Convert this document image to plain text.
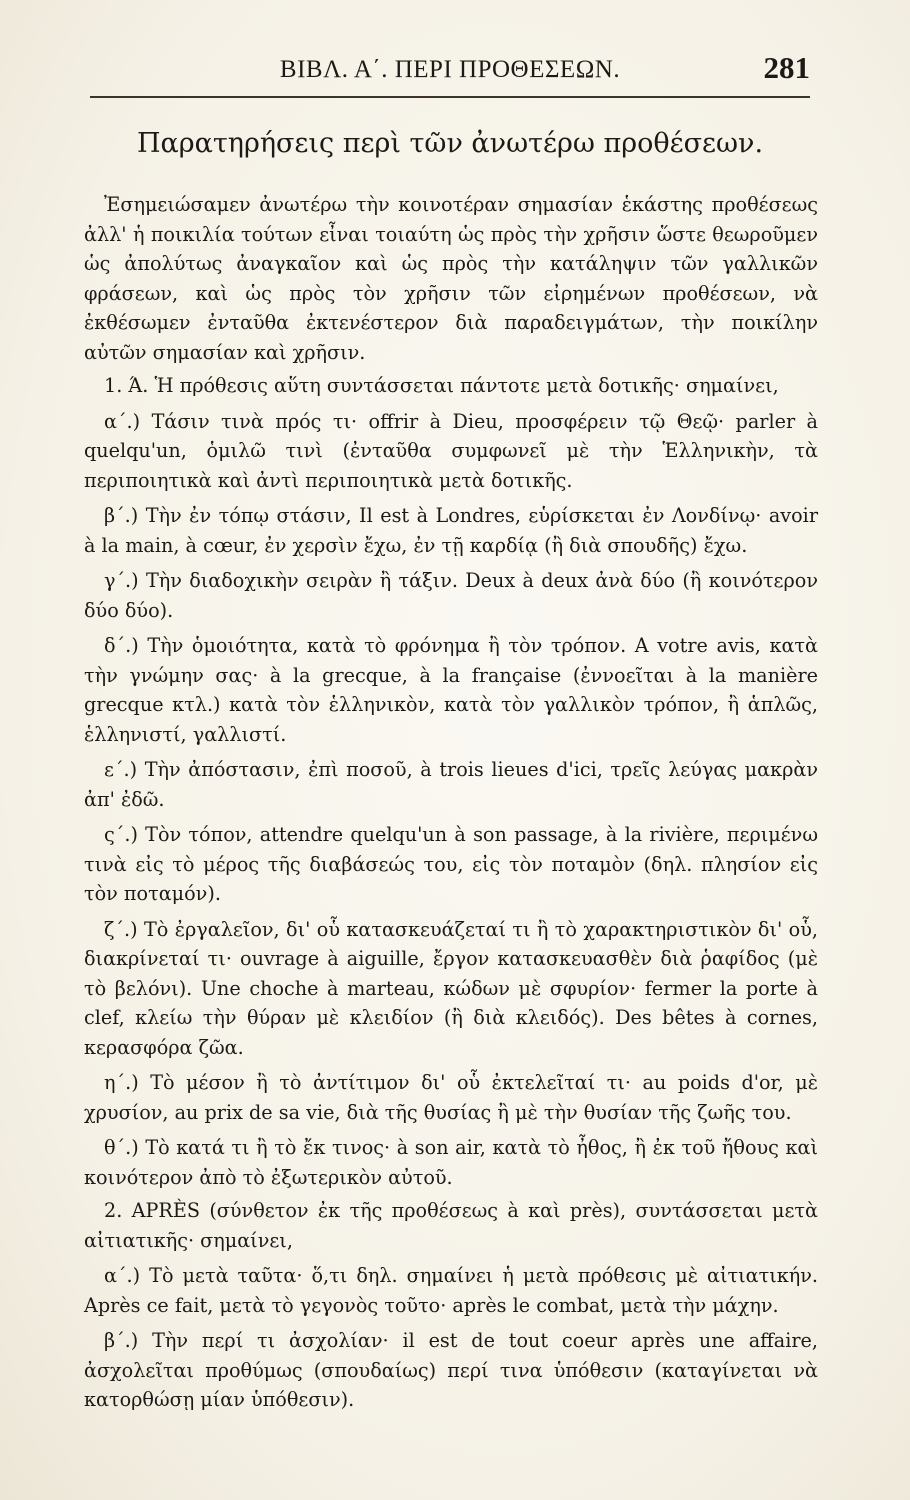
ΒΙΒΛ. Α΄. ΠΕΡΙ ΠΡΟΘΕΣΕΩΝ.	281
Παρατηρήσεις περὶ τῶν ἀνωτέρω προθέσεων.

Ἐσημειώσαμεν ἀνωτέρω τὴν κοινοτέραν σημασίαν ἑκάστης προθέσεως ἀλλ' ἡ ποικιλία τούτων εἶναι τοιαύτη ὡς πρὸς τὴν χρῆσιν ὥστε θεωροῦμεν ὡς ἀπολύτως ἀναγκαῖον καὶ ὡς πρὸς τὴν κατάληψιν τῶν γαλλικῶν φράσεων, καὶ ὡς πρὸς τὸν χρῆσιν τῶν εἰρημένων προθέσεων, νὰ ἐκθέσωμεν ἐνταῦθα ἐκτενέστερον διὰ παραδειγμάτων, τὴν ποικίλην αὐτῶν σημασίαν καὶ χρῆσιν.

1. Ά. Ἡ πρόθεσις αὕτη συντάσσεται πάντοτε μετὰ δοτικῆς· σημαίνει,

α΄.) Τάσιν τινὰ πρός τι· offrir à Dieu, προσφέρειν τῷ Θεῷ· parler à quelqu'un, ὁμιλῶ τινὶ (ἐνταῦθα συμφωνεῖ μὲ τὴν Ἑλληνικὴν, τὰ περιποιητικὰ καὶ ἀντὶ περιποιητικὰ μετὰ δοτικῆς.

β΄.) Τὴν ἐν τόπῳ στάσιν, Il est à Londres, εὑρίσκεται ἐν Λονδίνῳ· avoir à la main, à cœur, ἐν χερσὶν ἔχω, ἐν τῇ καρδίᾳ (ἢ διὰ σπουδῆς) ἔχω.

γ΄.) Τὴν διαδοχικὴν σειρὰν ἢ τάξιν. Deux à deux ἀνὰ δύο (ἢ κοινότερον δύο δύο).

δ΄.) Τὴν ὁμοιότητα, κατὰ τὸ φρόνημα ἢ τὸν τρόπον. A votre avis, κατὰ τὴν γνώμην σας· à la grecque, à la française (ἐννοεῖται à la manière grecque κτλ.) κατὰ τὸν ἑλληνικὸν, κατὰ τὸν γαλλικὸν τρόπον, ἢ ἁπλῶς, ἑλληνιστί, γαλλιστί.

ε΄.) Τὴν ἀπόστασιν, ἐπὶ ποσοῦ, à trois lieues d'ici, τρεῖς λεύγας μακρὰν ἀπ' ἐδῶ.

ς΄.) Τὸν τόπον, attendre quelqu'un à son passage, à la rivière, περιμένω τινὰ εἰς τὸ μέρος τῆς διαβάσεώς του, εἰς τὸν ποταμὸν (δηλ. πλησίον εἰς τὸν ποταμόν).

ζ΄.) Τὸ ἐργαλεῖον, δι' οὗ κατασκευάζεταί τι ἢ τὸ χαρακτηριστικὸν δι' οὗ, διακρίνεταί τι· ouvrage à aiguille, ἔργον κατασκευασθὲν διὰ ῥαφίδος (μὲ τὸ βελόνι). Une choche à marteau, κώδων μὲ σφυρίον· fermer la porte à clef, κλείω τὴν θύραν μὲ κλειδίον (ἢ διὰ κλειδός). Des bêtes à cornes, κερασφόρα ζῶα.

η΄.) Τὸ μέσον ἢ τὸ ἀντίτιμον δι' οὗ ἐκτελεῖταί τι· au poids d'or, μὲ χρυσίον, au prix de sa vie, διὰ τῆς θυσίας ἢ μὲ τὴν θυσίαν τῆς ζωῆς του.

θ΄.) Τὸ κατά τι ἢ τὸ ἔκ τινος· à son air, κατὰ τὸ ἦθος, ἢ ἐκ τοῦ ἤθους καὶ κοινότερον ἀπὸ τὸ ἐξωτερικὸν αὐτοῦ.

2. APRÈS (σύνθετον ἐκ τῆς προθέσεως à καὶ près), συντάσσεται μετὰ αἰτιατικῆς· σημαίνει,

α΄.) Τὸ μετὰ ταῦτα· ὅ,τι δηλ. σημαίνει ἡ μετὰ πρόθεσις μὲ αἰτιατικήν. Après ce fait, μετὰ τὸ γεγονὸς τοῦτο· après le combat, μετὰ τὴν μάχην.

β΄.) Τὴν περί τι ἀσχολίαν· il est de tout coeur après une affaire, ἀσχολεῖται προθύμως (σπουδαίως) περί τινα ὑπόθεσιν (καταγίνεται νὰ κατορθώσῃ μίαν ὑπόθεσιν).
